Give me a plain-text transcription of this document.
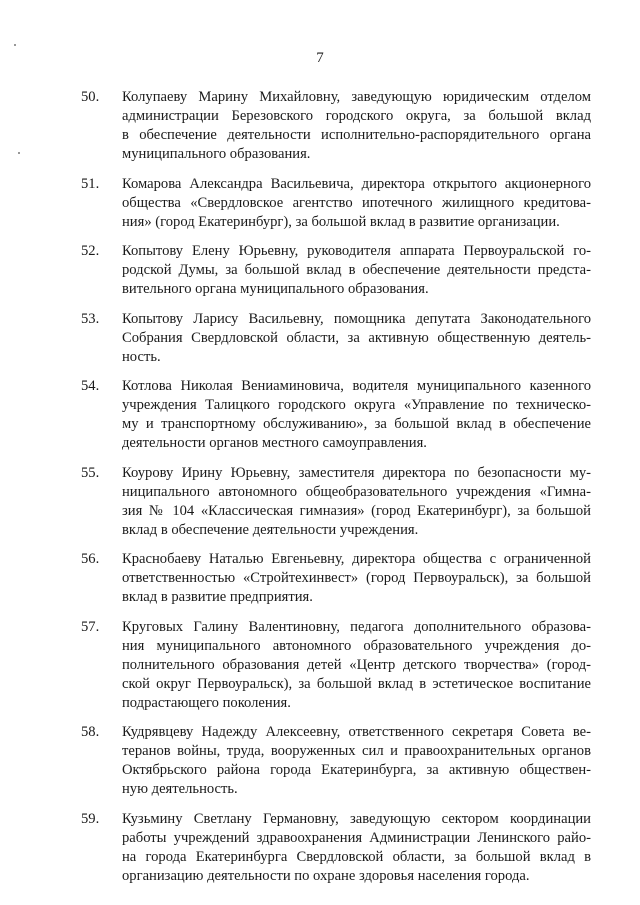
7
50.	Колупаеву Марину Михайловну, заведующую юридическим отделом
администрации Березовского городского округа, за большой вклад
в обеспечение деятельности исполнительно-распорядительного органа
муниципального образования.
51.	Комарова Александра Васильевича, директора открытого акционерного
общества «Свердловское агентство ипотечного жилищного кредитова-
ния» (город Екатеринбург), за большой вклад в развитие организации.
52.	Копытову Елену Юрьевну, руководителя аппарата Первоуральской го-
родской Думы, за большой вклад в обеспечение деятельности предста-
вительного органа муниципального образования.
53.	Копытову Ларису Васильевну, помощника депутата Законодательного
Собрания Свердловской области, за активную общественную деятель-
ность.
54.	Котлова Николая Вениаминовича, водителя муниципального казенного
учреждения Талицкого городского округа «Управление по техническо-
му и транспортному обслуживанию», за большой вклад в обеспечение
деятельности органов местного самоуправления.
55.	Коурову Ирину Юрьевну, заместителя директора по безопасности му-
ниципального автономного общеобразовательного учреждения «Гимна-
зия № 104 «Классическая гимназия» (город Екатеринбург), за большой
вклад в обеспечение деятельности учреждения.
56.	Краснобаеву Наталью Евгеньевну, директора общества с ограниченной
ответственностью «Стройтехинвест» (город Первоуральск), за большой
вклад в развитие предприятия.
57.	Круговых Галину Валентиновну, педагога дополнительного образова-
ния муниципального автономного образовательного учреждения до-
полнительного образования детей «Центр детского творчества» (город-
ской округ Первоуральск), за большой вклад в эстетическое воспитание
подрастающего поколения.
58.	Кудрявцеву Надежду Алексеевну, ответственного секретаря Совета ве-
теранов войны, труда, вооруженных сил и правоохранительных органов
Октябрьского района города Екатеринбурга, за активную обществен-
ную деятельность.
59.	Кузьмину Светлану Германовну, заведующую сектором координации
работы учреждений здравоохранения Администрации Ленинского райо-
на города Екатеринбурга Свердловской области, за большой вклад в
организацию деятельности по охране здоровья населения города.
